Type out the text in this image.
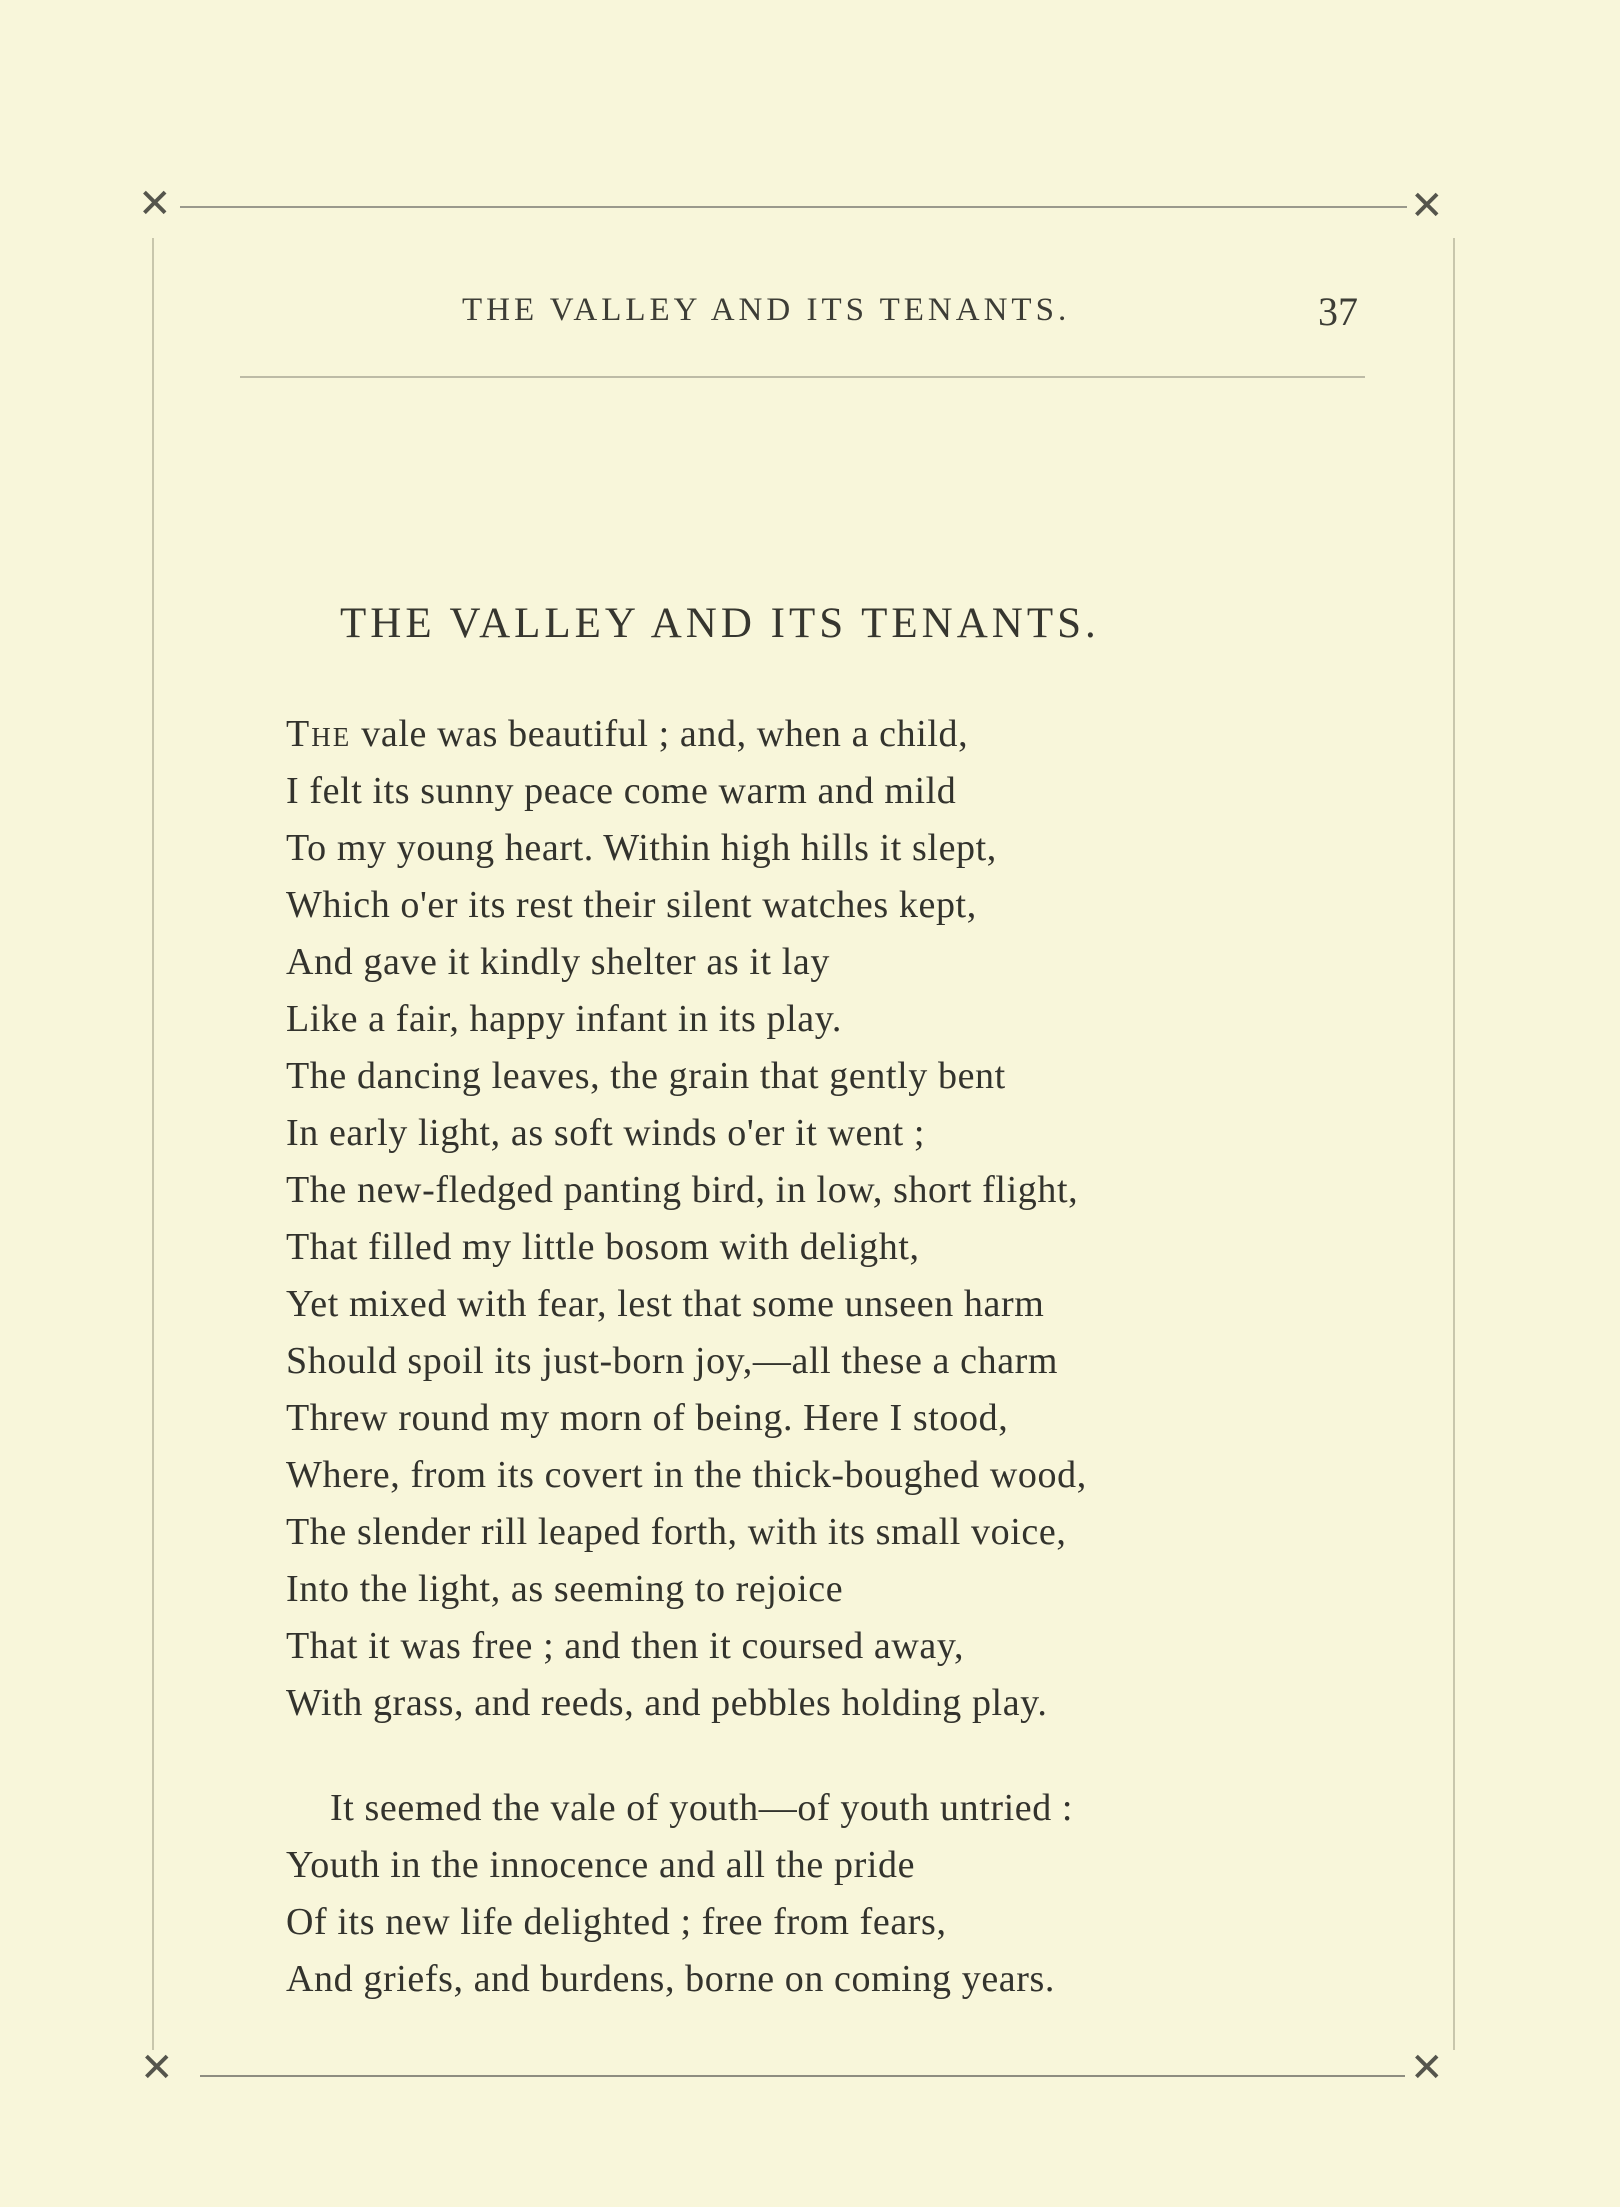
✕	✕
✕	✕
THE VALLEY AND ITS TENANTS.	37
THE VALLEY AND ITS TENANTS.
The vale was beautiful ; and, when a child,
I felt its sunny peace come warm and mild
To my young heart. Within high hills it slept,
Which o'er its rest their silent watches kept,
And gave it kindly shelter as it lay
Like a fair, happy infant in its play.
The dancing leaves, the grain that gently bent
In early light, as soft winds o'er it went ;
The new-fledged panting bird, in low, short flight,
That filled my little bosom with delight,
Yet mixed with fear, lest that some unseen harm
Should spoil its just-born joy,—all these a charm
Threw round my morn of being. Here I stood,
Where, from its covert in the thick-boughed wood,
The slender rill leaped forth, with its small voice,
Into the light, as seeming to rejoice
That it was free ; and then it coursed away,
With grass, and reeds, and pebbles holding play.
It seemed the vale of youth—of youth untried :
Youth in the innocence and all the pride
Of its new life delighted ; free from fears,
And griefs, and burdens, borne on coming years.
